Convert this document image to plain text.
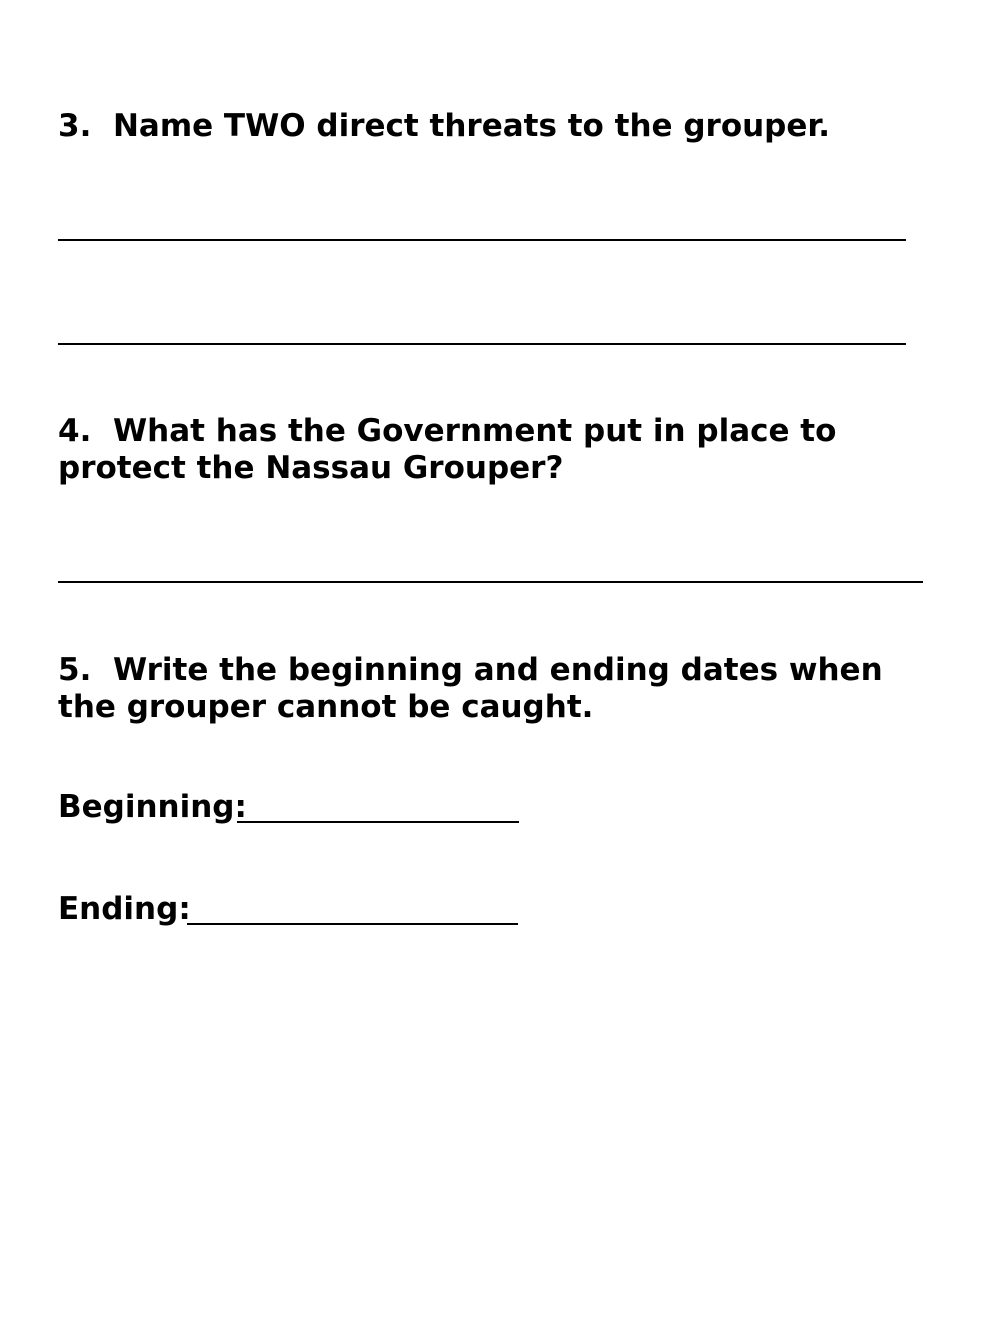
3. Name TWO direct threats to the grouper.

4. What has the Government put in place to protect the Nassau Grouper?

5. Write the beginning and ending dates when the grouper cannot be caught.

Beginning:
Ending:
